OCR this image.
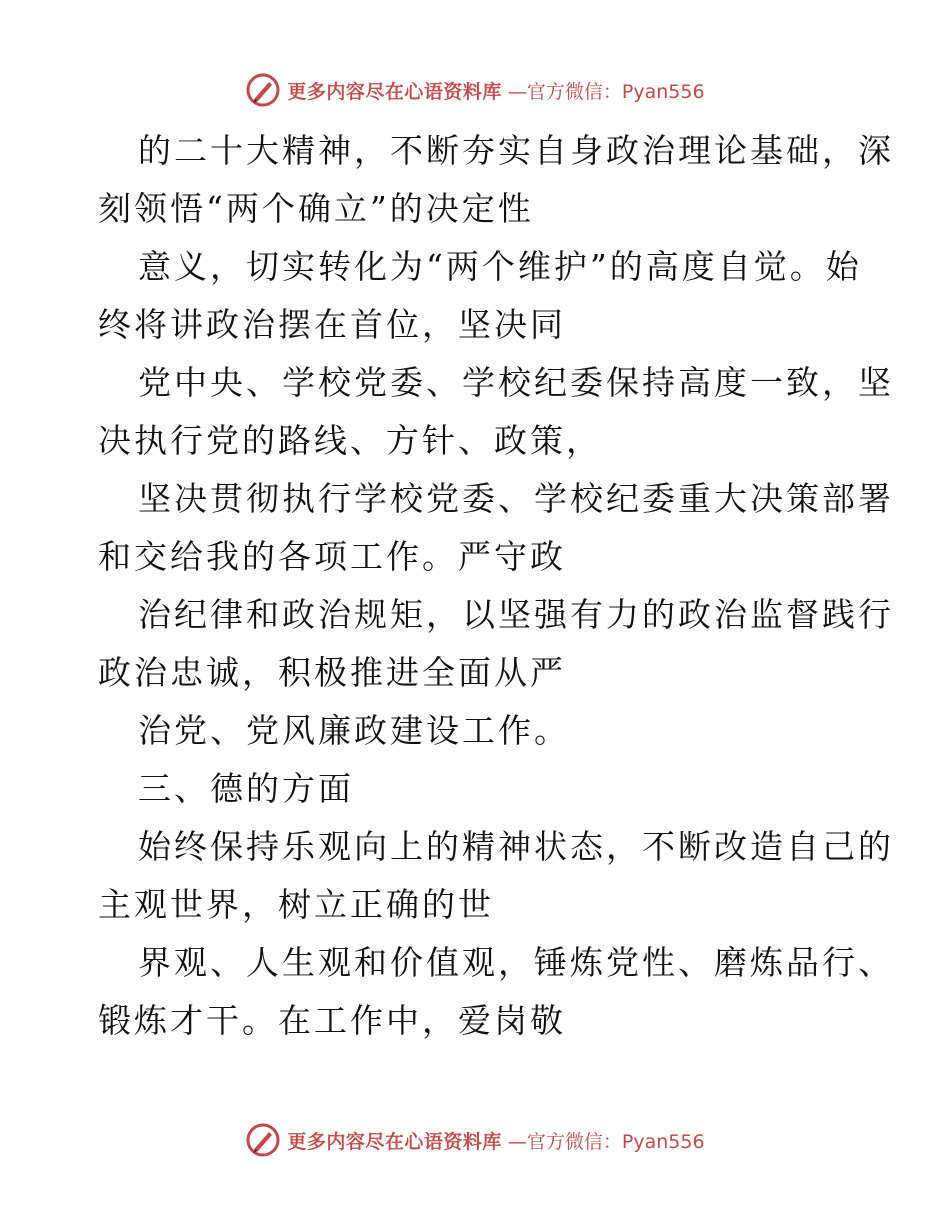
更多内容尽在心语资料库 —官方微信：Pyan556
的二十大精神，不断夯实自身政治理论基础，深
刻领悟“两个确立”的决定性
意义，切实转化为“两个维护”的高度自觉。始
终将讲政治摆在首位，坚决同
党中央、学校党委、学校纪委保持高度一致，坚
决执行党的路线、方针、政策，
坚决贯彻执行学校党委、学校纪委重大决策部署
和交给我的各项工作。严守政
治纪律和政治规矩，以坚强有力的政治监督践行
政治忠诚，积极推进全面从严
治党、党风廉政建设工作。
三、德的方面
始终保持乐观向上的精神状态，不断改造自己的
主观世界，树立正确的世
界观、人生观和价值观，锤炼党性、磨炼品行、
锻炼才干。在工作中，爱岗敬
更多内容尽在心语资料库 —官方微信：Pyan556
